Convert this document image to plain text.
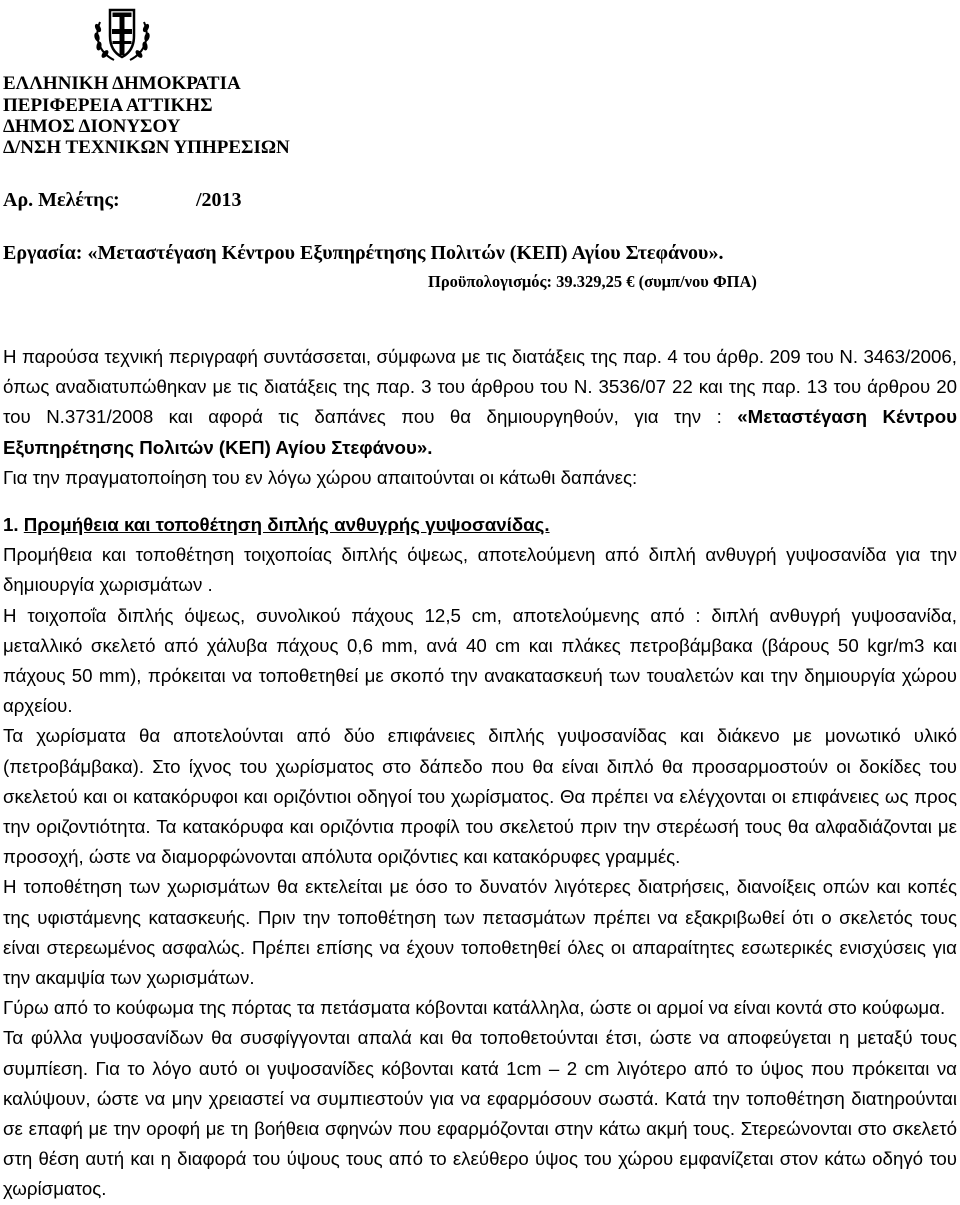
ΕΛΛΗΝΙΚΗ ΔΗΜΟΚΡΑΤΙΑ
ΠΕΡΙΦΕΡΕΙΑ ΑΤΤΙΚΗΣ
ΔΗΜΟΣ ΔΙΟΝΥΣΟΥ
Δ/ΝΣΗ ΤΕΧΝΙΚΩΝ ΥΠΗΡΕΣΙΩΝ
Αρ. Μελέτης:	/2013
Εργασία: «Μεταστέγαση Κέντρου Εξυπηρέτησης Πολιτών (ΚΕΠ) Αγίου Στεφάνου».
Προϋπολογισμός: 39.329,25 € (συμπ/νου ΦΠΑ)

Η παρούσα τεχνική περιγραφή συντάσσεται, σύμφωνα με τις διατάξεις της παρ. 4 του άρθρ. 209 του Ν. 3463/2006, όπως αναδιατυπώθηκαν με τις διατάξεις της παρ. 3 του άρθρου του Ν. 3536/07 22 και της παρ. 13 του άρθρου 20 του Ν.3731/2008 και αφορά τις δαπάνες που θα δημιουργηθούν, για την : «Μεταστέγαση Κέντρου Εξυπηρέτησης Πολιτών (ΚΕΠ) Αγίου Στεφάνου».

Για την πραγματοποίηση του εν λόγω χώρου απαιτούνται οι κάτωθι δαπάνες:

1. Προμήθεια και τοποθέτηση διπλής ανθυγρής γυψοσανίδας.

Προμήθεια και τοποθέτηση τοιχοποίας διπλής όψεως, αποτελούμενη από διπλή ανθυγρή γυψοσανίδα για την δημιουργία χωρισμάτων .

Η τοιχοποΐα διπλής όψεως, συνολικού πάχους 12,5 cm, αποτελούμενης από : διπλή ανθυγρή γυψοσανίδα, μεταλλικό σκελετό από χάλυβα πάχους 0,6 mm, ανά 40 cm και πλάκες πετροβάμβακα (βάρους 50 kgr/m3 και πάχους 50 mm), πρόκειται να τοποθετηθεί με σκοπό την ανακατασκευή των τουαλετών και την δημιουργία χώρου αρχείου.

Τα χωρίσματα θα αποτελούνται από δύο επιφάνειες διπλής γυψοσανίδας και διάκενο με μονωτικό υλικό (πετροβάμβακα). Στο ίχνος του χωρίσματος στο δάπεδο που θα είναι διπλό θα προσαρμοστούν οι δοκίδες του σκελετού και οι κατακόρυφοι και οριζόντιοι οδηγοί του χωρίσματος. Θα πρέπει να ελέγχονται οι επιφάνειες ως προς την οριζοντιότητα. Τα κατακόρυφα και οριζόντια προφίλ του σκελετού πριν την στερέωσή τους θα αλφαδιάζονται με προσοχή, ώστε να διαμορφώνονται απόλυτα οριζόντιες και κατακόρυφες γραμμές.

Η τοποθέτηση των χωρισμάτων θα εκτελείται με όσο το δυνατόν λιγότερες διατρήσεις, διανοίξεις οπών και κοπές της υφιστάμενης κατασκευής. Πριν την τοποθέτηση των πετασμάτων πρέπει να εξακριβωθεί ότι ο σκελετός τους είναι στερεωμένος ασφαλώς. Πρέπει επίσης να έχουν τοποθετηθεί όλες οι απαραίτητες εσωτερικές ενισχύσεις για την ακαμψία των χωρισμάτων.

Γύρω από το κούφωμα της πόρτας τα πετάσματα κόβονται κατάλληλα, ώστε οι αρμοί να είναι κοντά στο κούφωμα.

Τα φύλλα γυψοσανίδων θα συσφίγγονται απαλά και θα τοποθετούνται έτσι, ώστε να αποφεύγεται η μεταξύ τους συμπίεση. Για το λόγο αυτό οι γυψοσανίδες κόβονται κατά 1cm – 2 cm λιγότερο από το ύψος που πρόκειται να καλύψουν, ώστε να μην χρειαστεί να συμπιεστούν για να εφαρμόσουν σωστά. Κατά την τοποθέτηση διατηρούνται σε επαφή με την οροφή με τη βοήθεια σφηνών που εφαρμόζονται στην κάτω ακμή τους. Στερεώνονται στο σκελετό στη θέση αυτή και η διαφορά του ύψους τους από το ελεύθερο ύψος του χώρου εμφανίζεται στον κάτω οδηγό του χωρίσματος.
